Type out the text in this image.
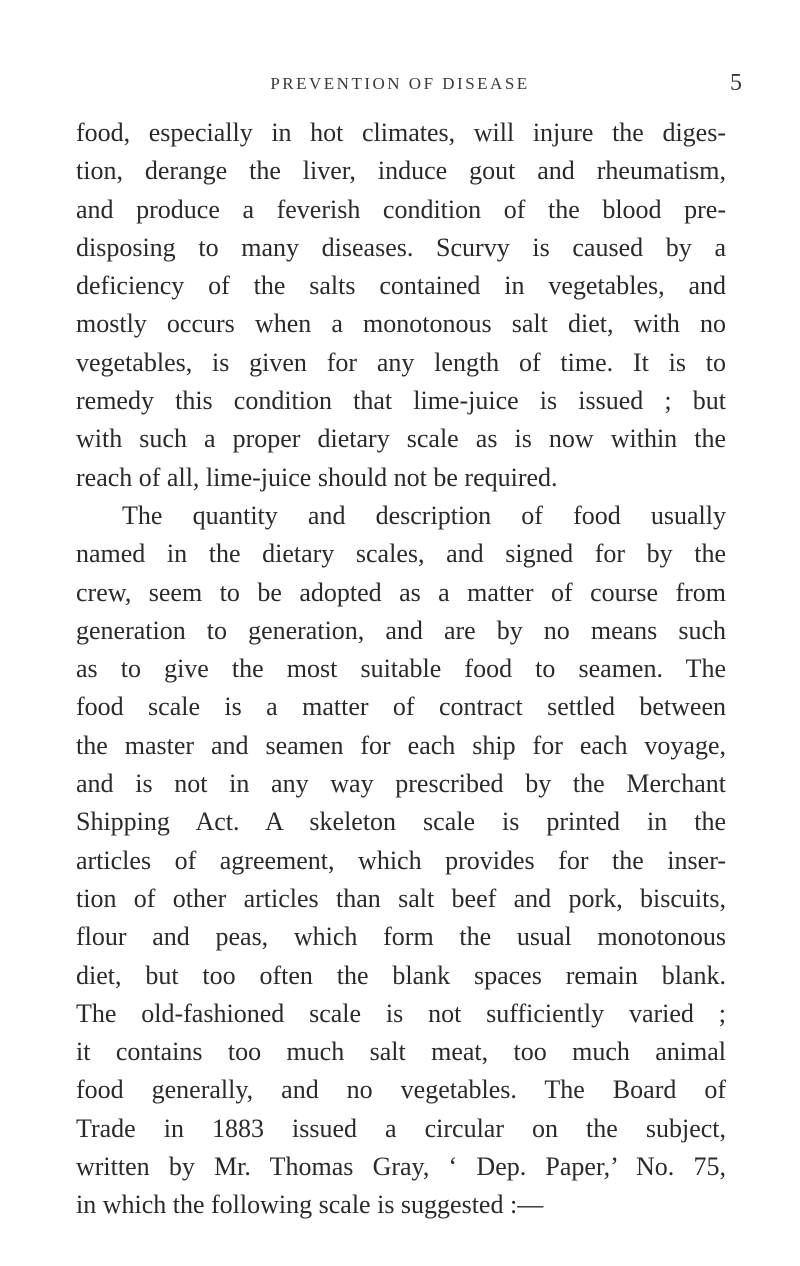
PREVENTION OF DISEASE	5
food, especially in hot climates, will injure the diges-
tion, derange the liver, induce gout and rheumatism,
and produce a feverish condition of the blood pre-
disposing to many diseases. Scurvy is caused by a
deficiency of the salts contained in vegetables, and
mostly occurs when a monotonous salt diet, with no
vegetables, is given for any length of time. It is to
remedy this condition that lime-juice is issued ; but
with such a proper dietary scale as is now within the
reach of all, lime-juice should not be required.
The quantity and description of food usually
named in the dietary scales, and signed for by the
crew, seem to be adopted as a matter of course from
generation to generation, and are by no means such
as to give the most suitable food to seamen. The
food scale is a matter of contract settled between
the master and seamen for each ship for each voyage,
and is not in any way prescribed by the Merchant
Shipping Act. A skeleton scale is printed in the
articles of agreement, which provides for the inser-
tion of other articles than salt beef and pork, biscuits,
flour and peas, which form the usual monotonous
diet, but too often the blank spaces remain blank.
The old-fashioned scale is not sufficiently varied ;
it contains too much salt meat, too much animal
food generally, and no vegetables. The Board of
Trade in 1883 issued a circular on the subject,
written by Mr. Thomas Gray, ‘ Dep. Paper,’ No. 75,
in which the following scale is suggested :—
